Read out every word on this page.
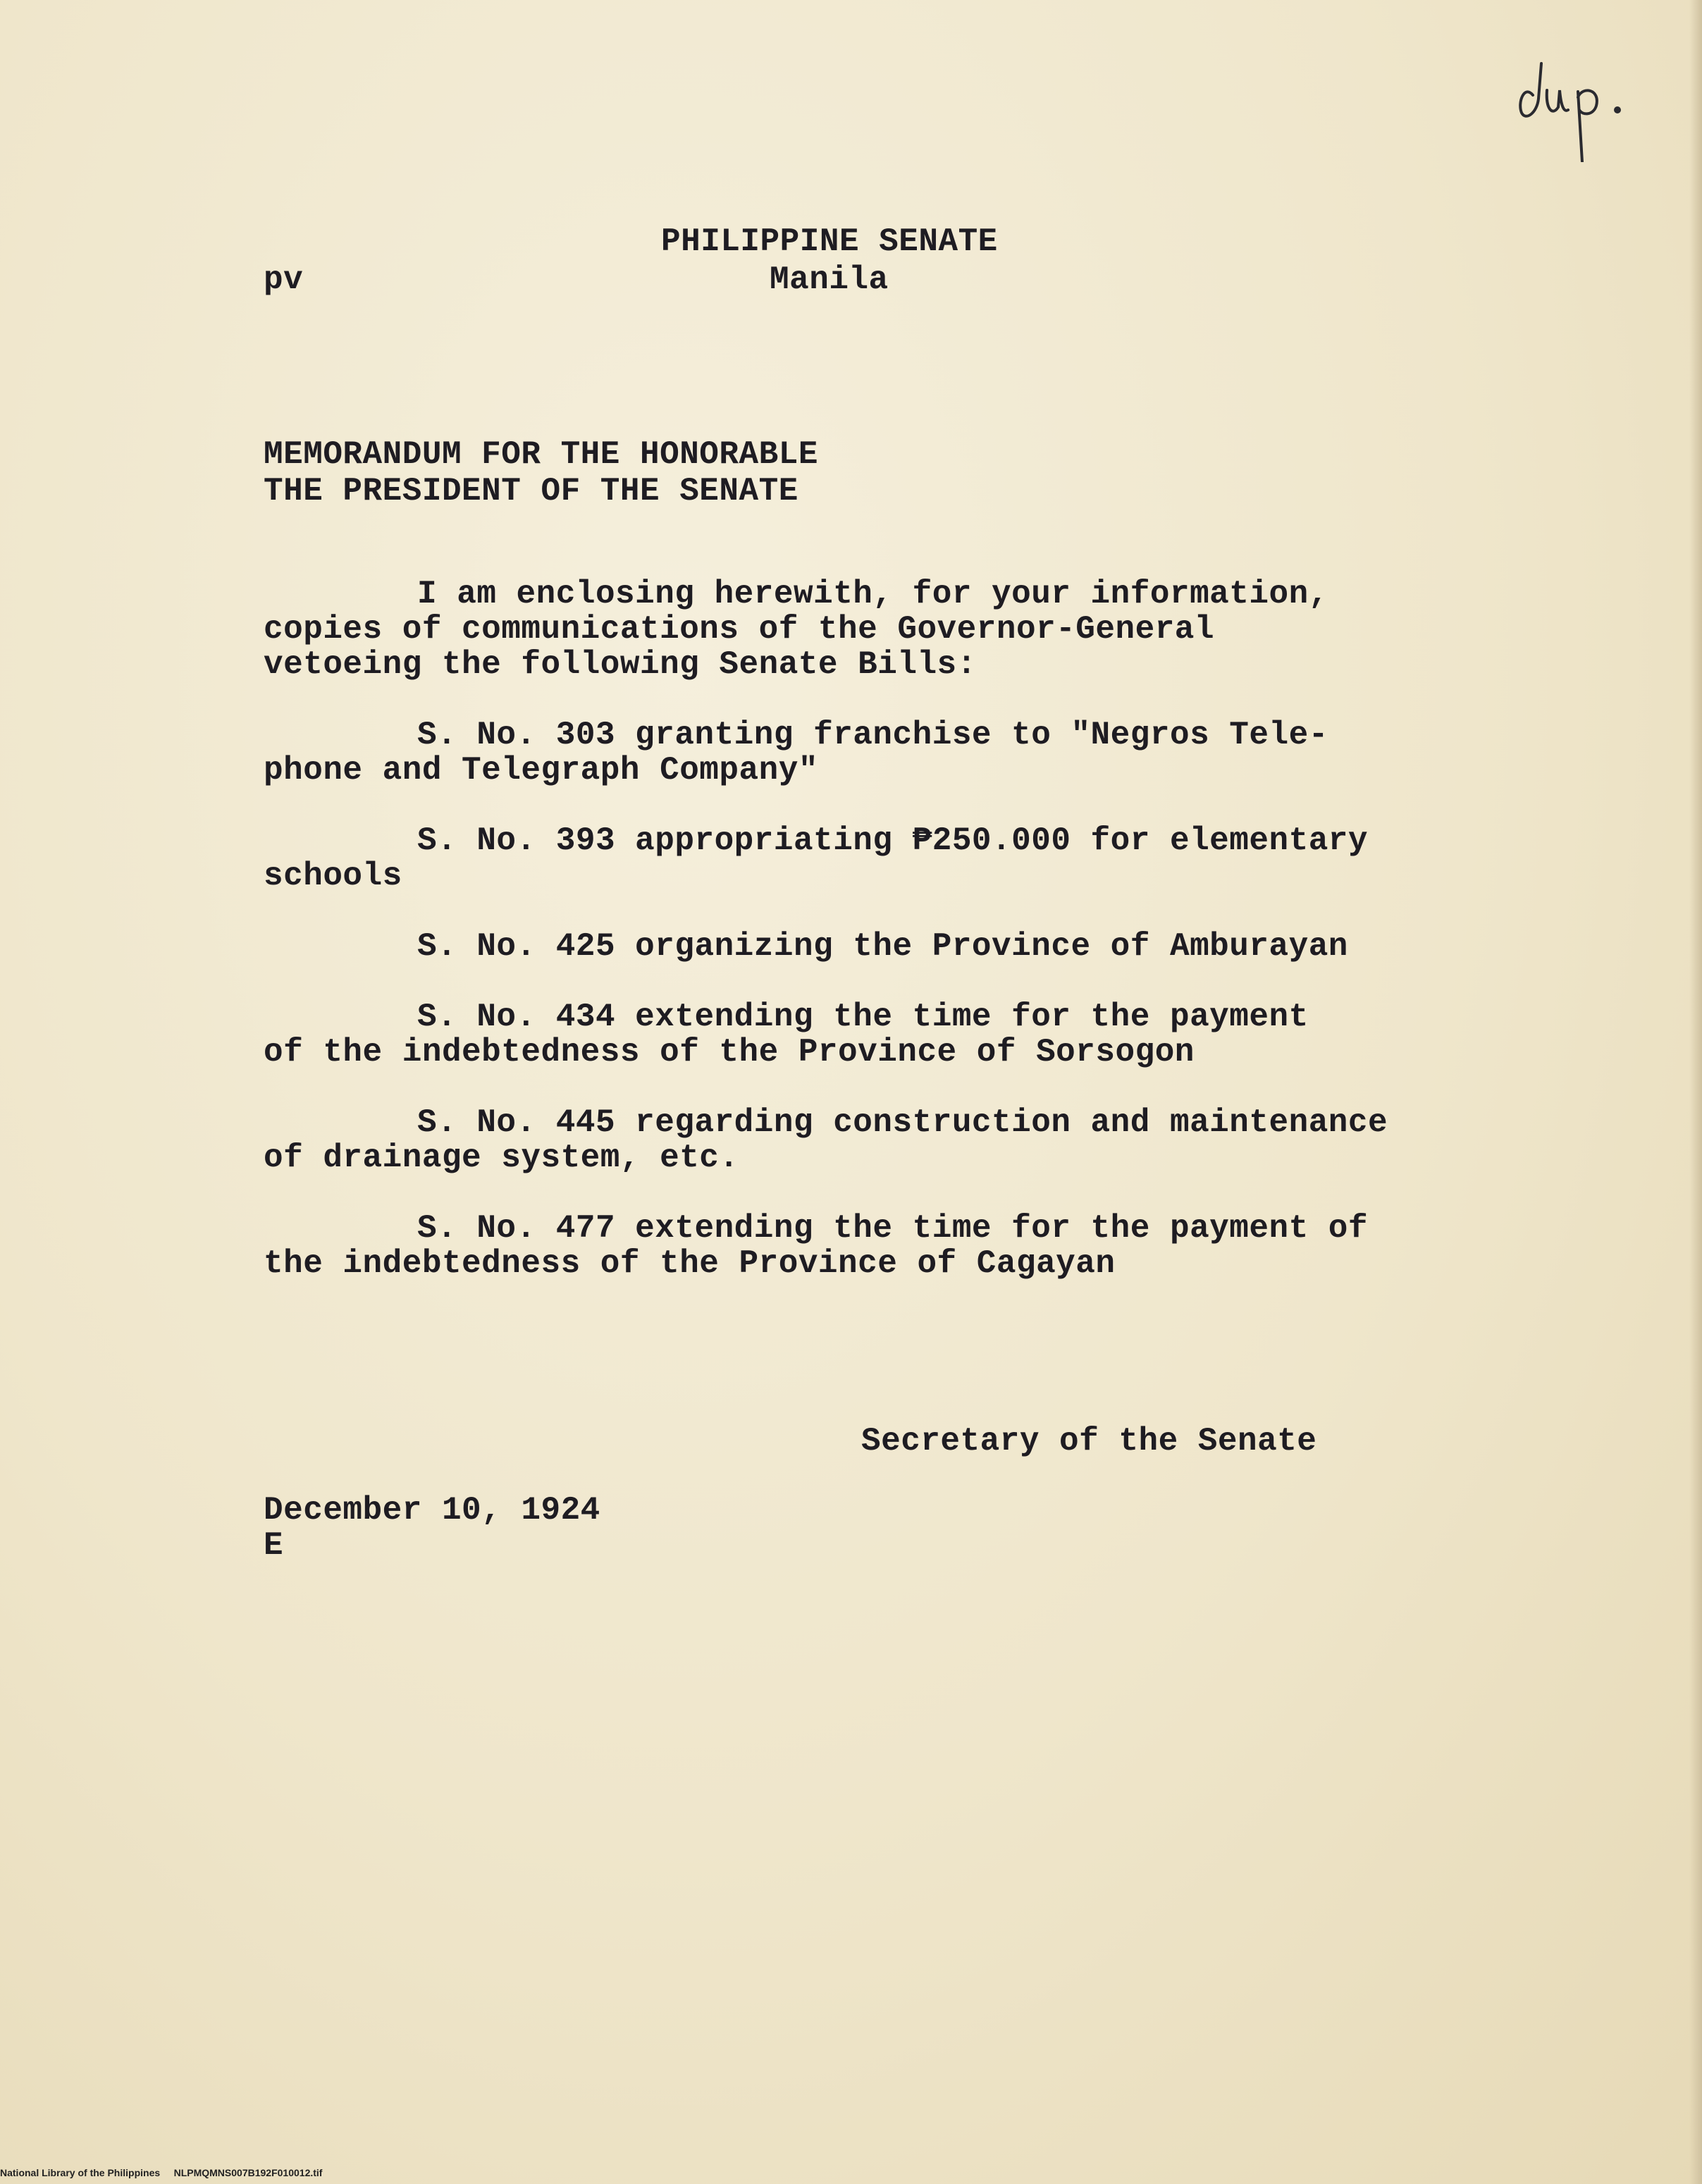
PHILIPPINE SENATE
pv	Manila
MEMORANDUM FOR THE HONORABLE
THE PRESIDENT OF THE SENATE
I am enclosing herewith, for your information,
copies of communications of the Governor-General
vetoeing the following Senate Bills:
S. No. 303 granting franchise to "Negros Tele-
phone and Telegraph Company"
S. No. 393 appropriating ₱250.000 for elementary
schools
S. No. 425 organizing the Province of Amburayan
S. No. 434 extending the time for the payment
of the indebtedness of the Province of Sorsogon
S. No. 445 regarding construction and maintenance
of drainage system, etc.
S. No. 477 extending the time for the payment of
the indebtedness of the Province of Cagayan
Secretary of the Senate
December 10, 1924
E
National Library of the Philippines NLPMQMNS007B192F010012.tif
